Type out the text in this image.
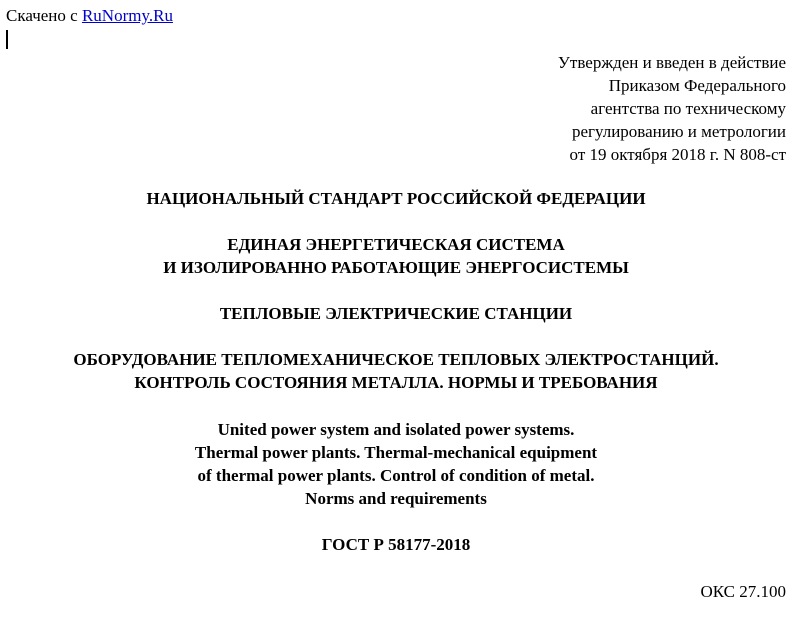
Скачено с RuNormy.Ru
Утвержден и введен в действие
Приказом Федерального
агентства по техническому
регулированию и метрологии
от 19 октября 2018 г. N 808-ст
НАЦИОНАЛЬНЫЙ СТАНДАРТ РОССИЙСКОЙ ФЕДЕРАЦИИ
ЕДИНАЯ ЭНЕРГЕТИЧЕСКАЯ СИСТЕМА
И ИЗОЛИРОВАННО РАБОТАЮЩИЕ ЭНЕРГОСИСТЕМЫ
ТЕПЛОВЫЕ ЭЛЕКТРИЧЕСКИЕ СТАНЦИИ
ОБОРУДОВАНИЕ ТЕПЛОМЕХАНИЧЕСКОЕ ТЕПЛОВЫХ ЭЛЕКТРОСТАНЦИЙ.
КОНТРОЛЬ СОСТОЯНИЯ МЕТАЛЛА. НОРМЫ И ТРЕБОВАНИЯ
United power system and isolated power systems.
Thermal power plants. Thermal-mechanical equipment
of thermal power plants. Control of condition of metal.
Norms and requirements
ГОСТ Р 58177-2018
ОКС 27.100
